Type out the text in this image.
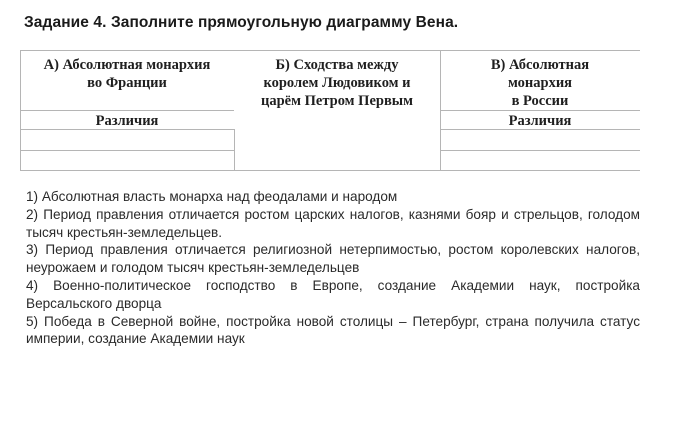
Задание 4. Заполните прямоугольную диаграмму Вена.
А) Абсолютная монархия
во Франции
Б) Сходства между
королем Людовиком и
царём Петром Первым
В) Абсолютная
монархия
в России
Различия	Различия

1) Абсолютная власть монарха над феодалами и народом

2) Период правления отличается ростом царских налогов, казнями бояр и стрельцов, голодом тысяч крестьян-земледельцев.

3) Период правления отличается религиозной нетерпимостью, ростом королевских налогов, неурожаем и голодом тысяч крестьян-земледельцев

4) Военно-политическое господство в Европе, создание Академии наук, постройка Версальского дворца

5) Победа в Северной войне, постройка новой столицы – Петербург, страна получила статус империи, создание Академии наук
